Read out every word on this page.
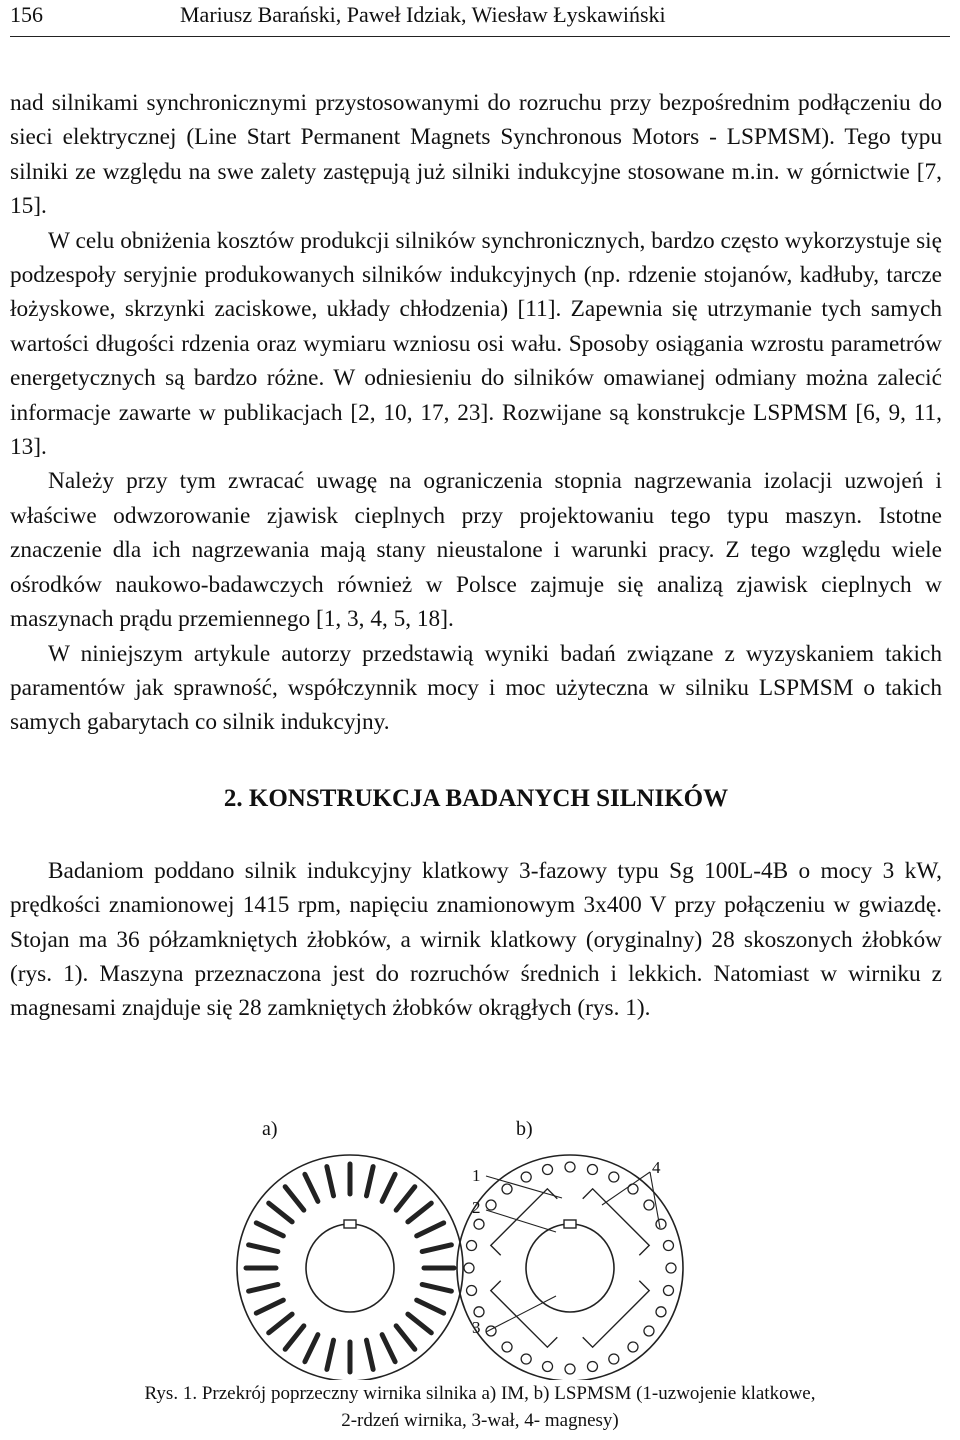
156	Mariusz Barański, Paweł Idziak, Wiesław Łyskawiński

nad silnikami synchronicznymi przystosowanymi do rozruchu przy bezpośrednim podłączeniu do sieci elektrycznej (Line Start Permanent Magnets Synchronous Motors - LSPMSM). Tego typu silniki ze względu na swe zalety zastępują już silniki indukcyjne stosowane m.in. w górnictwie [7, 15].

W celu obniżenia kosztów produkcji silników synchronicznych, bardzo często wykorzystuje się podzespoły seryjnie produkowanych silników indukcyjnych (np. rdzenie stojanów, kadłuby, tarcze łożyskowe, skrzynki zaciskowe, układy chłodzenia) [11]. Zapewnia się utrzymanie tych samych wartości długości rdzenia oraz wymiaru wzniosu osi wału. Sposoby osiągania wzrostu parametrów energetycznych są bardzo różne. W odniesieniu do silników omawianej odmiany można zalecić informacje zawarte w publikacjach [2, 10, 17, 23]. Rozwijane są konstrukcje LSPMSM [6, 9, 11, 13].

Należy przy tym zwracać uwagę na ograniczenia stopnia nagrzewania izolacji uzwojeń i właściwe odwzorowanie zjawisk cieplnych przy projektowaniu tego typu maszyn. Istotne znaczenie dla ich nagrzewania mają stany nieustalone i warunki pracy. Z tego względu wiele ośrodków naukowo-badawczych również w Polsce zajmuje się analizą zjawisk cieplnych w maszynach prądu przemiennego [1, 3, 4, 5, 18].

W niniejszym artykule autorzy przedstawią wyniki badań związane z wyzyskaniem takich paramentów jak sprawność, współczynnik mocy i moc użyteczna w silniku LSPMSM o takich samych gabarytach co silnik indukcyjny.

2. KONSTRUKCJA BADANYCH SILNIKÓW

Badaniom poddano silnik indukcyjny klatkowy 3-fazowy typu Sg 100L-4B o mocy 3 kW, prędkości znamionowej 1415 rpm, napięciu znamionowym 3x400 V przy połączeniu w gwiazdę. Stojan ma 36 półzamkniętych żłobków, a wirnik klatkowy (oryginalny) 28 skoszonych żłobków (rys. 1). Maszyna przeznaczona jest do rozruchów średnich i lekkich. Natomiast w wirniku z magnesami znajduje się 28 zamkniętych żłobków okrągłych (rys. 1).

a)	b)
1
2
3
4
Rys. 1. Przekrój poprzeczny wirnika silnika a) IM, b) LSPMSM (1-uzwojenie klatkowe,
2-rdzeń wirnika, 3-wał, 4- magnesy)
